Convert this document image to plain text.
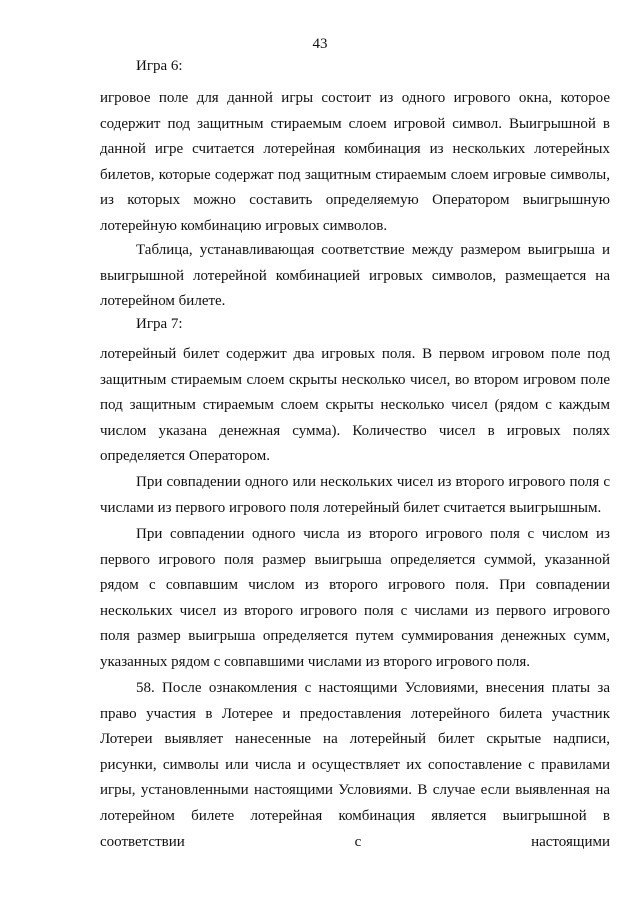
43

Игра 6:

игровое поле для данной игры состоит из одного игрового окна, которое содержит под защитным стираемым слоем игровой символ. Выигрышной в данной игре считается лотерейная комбинация из нескольких лотерейных билетов, которые содержат под защитным стираемым слоем игровые символы, из которых можно составить определяемую Оператором выигрышную лотерейную комбинацию игровых символов.

Таблица, устанавливающая соответствие между размером выигрыша и выигрышной лотерейной комбинацией игровых символов, размещается на лотерейном билете.

Игра 7:

лотерейный билет содержит два игровых поля. В первом игровом поле под защитным стираемым слоем скрыты несколько чисел, во втором игровом поле под защитным стираемым слоем скрыты несколько чисел (рядом с каждым числом указана денежная сумма). Количество чисел в игровых полях определяется Оператором.

При совпадении одного или нескольких чисел из второго игрового поля с числами из первого игрового поля лотерейный билет считается выигрышным.

При совпадении одного числа из второго игрового поля с числом из первого игрового поля размер выигрыша определяется суммой, указанной рядом с совпавшим числом из второго игрового поля. При совпадении нескольких чисел из второго игрового поля с числами из первого игрового поля размер выигрыша определяется путем суммирования денежных сумм, указанных рядом с совпавшими числами из второго игрового поля.

58. После ознакомления с настоящими Условиями, внесения платы за право участия в Лотерее и предоставления лотерейного билета участник Лотереи выявляет нанесенные на лотерейный билет скрытые надписи, рисунки, символы или числа и осуществляет их сопоставление с правилами игры, установленными настоящими Условиями. В случае если выявленная на лотерейном билете лотерейная комбинация является выигрышной в соответствии с настоящими
